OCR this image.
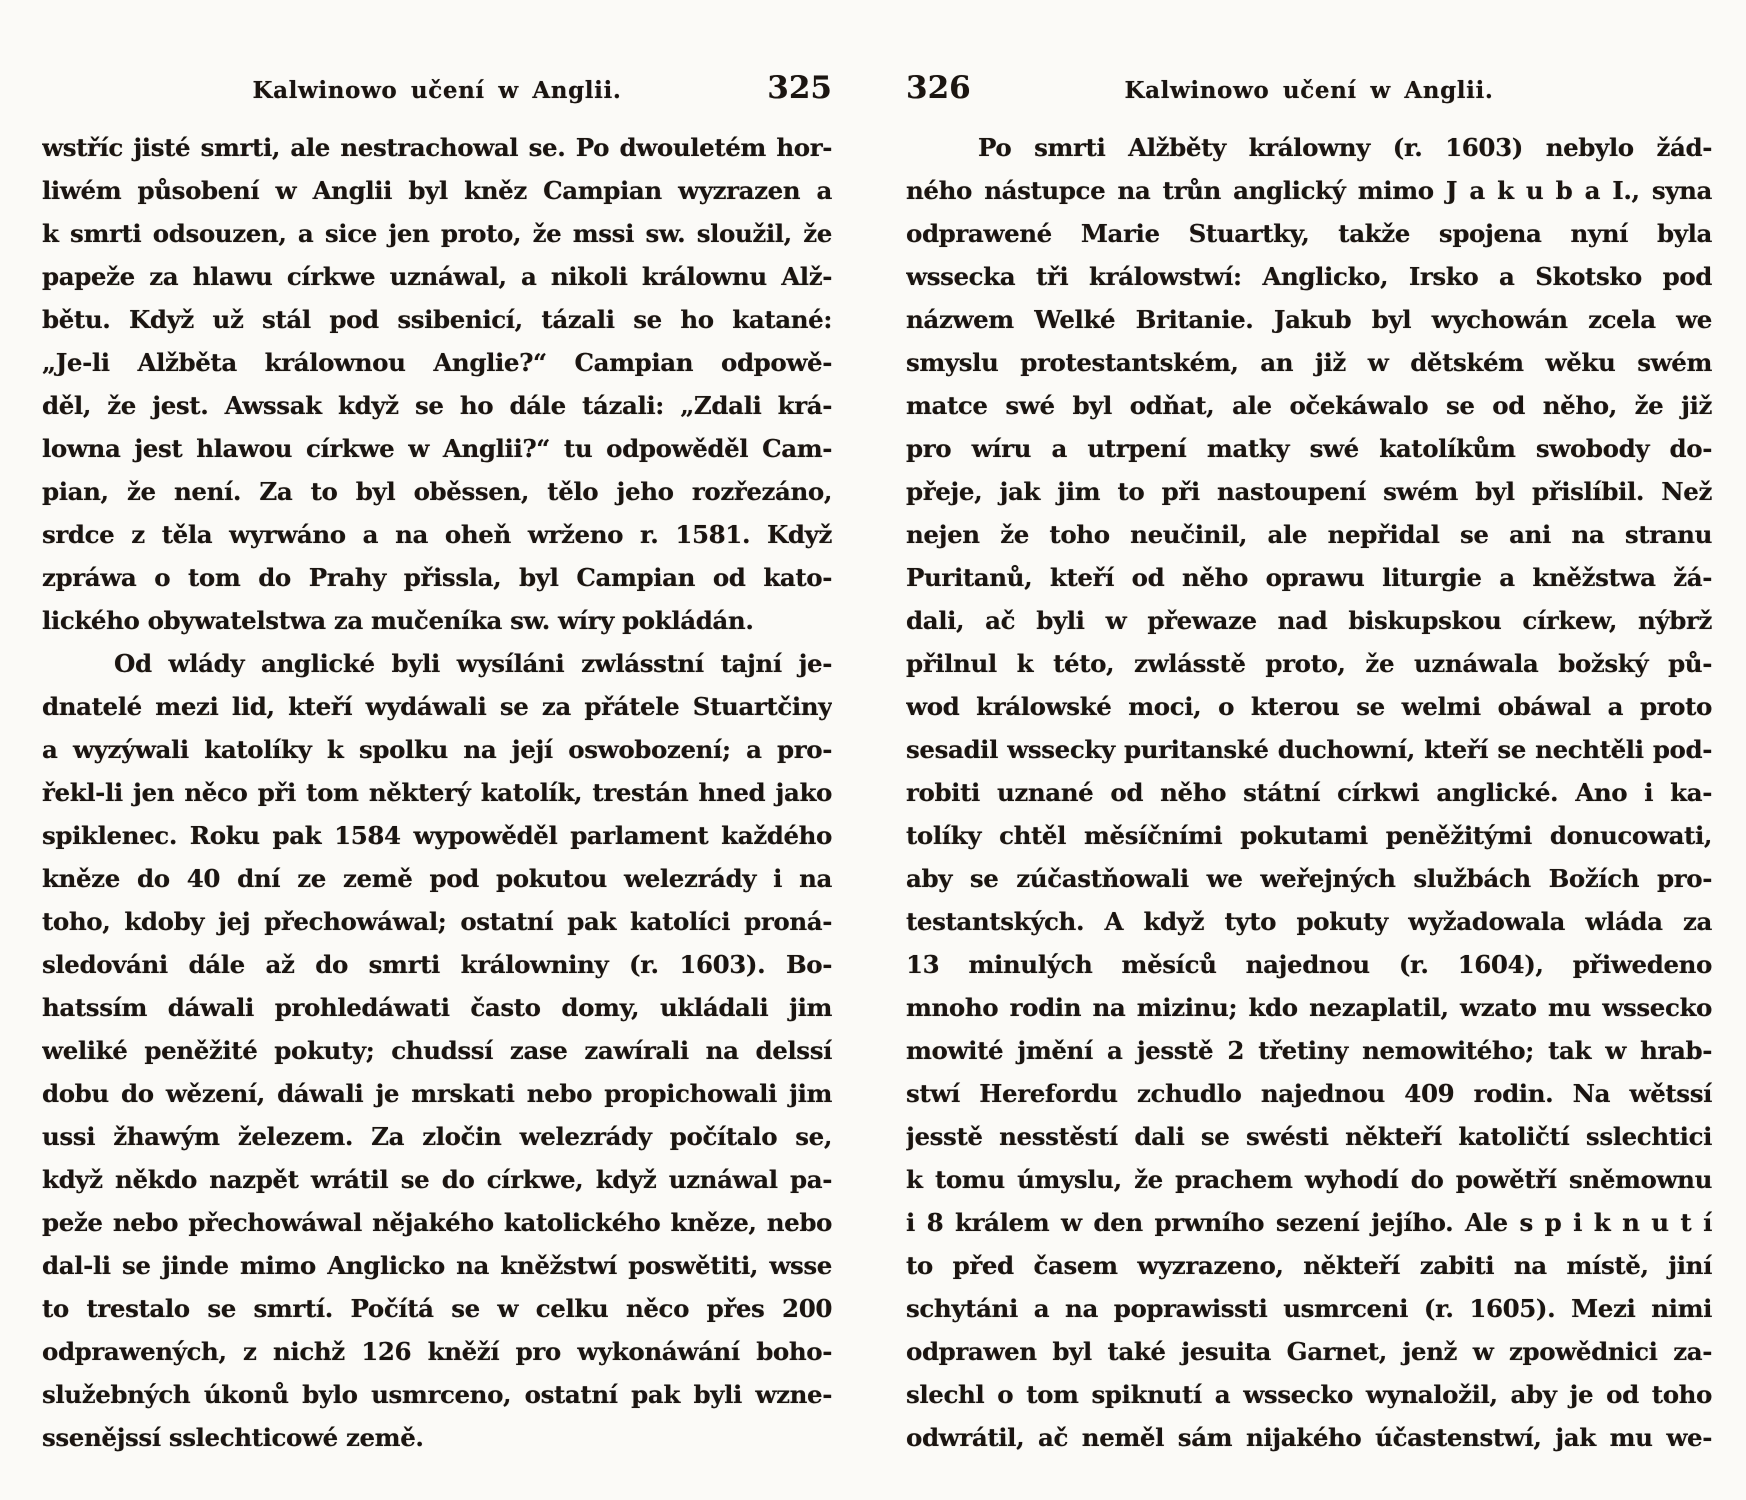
Kalwinowo učení w Anglii.	325
wstříc jisté smrti, ale nestrachowal se. Po dwouletém hor-
liwém působení w Anglii byl kněz Campian wyzrazen a
k smrti odsouzen, a sice jen proto, že mssi sw. sloužil, že
papeže za hlawu církwe uznáwal, a nikoli králownu Alž-
bětu. Když už stál pod ssibenicí, tázali se ho katané:
„Je-li Alžběta králownou Anglie?“ Campian odpowě-
děl, že jest. Awssak když se ho dále tázali: „Zdali krá-
lowna jest hlawou církwe w Anglii?“ tu odpowěděl Cam-
pian, že není. Za to byl oběssen, tělo jeho rozřezáno,
srdce z těla wyrwáno a na oheň wrženo r. 1581. Když
zpráwa o tom do Prahy přissla, byl Campian od kato-
lického obywatelstwa za mučeníka sw. wíry pokládán.
Od wlády anglické byli wysíláni zwlásstní tajní je-
dnatelé mezi lid, kteří wydáwali se za přátele Stuartčiny
a wyzýwali katolíky k spolku na její oswobození; a pro-
řekl-li jen něco při tom některý katolík, trestán hned jako
spiklenec. Roku pak 1584 wypowěděl parlament každého
kněze do 40 dní ze země pod pokutou welezrády i na
toho, kdoby jej přechowáwal; ostatní pak katolíci proná-
sledováni dále až do smrti králowniny (r. 1603). Bo-
hatssím dáwali prohledáwati často domy, ukládali jim
weliké peněžité pokuty; chudssí zase zawírali na delssí
dobu do wězení, dáwali je mrskati nebo propichowali jim
ussi žhawým železem. Za zločin welezrády počítalo se,
když někdo nazpět wrátil se do církwe, když uznáwal pa-
peže nebo přechowáwal nějakého katolického kněze, nebo
dal-li se jinde mimo Anglicko na kněžstwí poswětiti, wsse
to trestalo se smrtí. Počítá se w celku něco přes 200
odprawených, z nichž 126 kněží pro wykonáwání boho-
služebných úkonů bylo usmrceno, ostatní pak byli wzne-
ssenějssí sslechticowé země.
326	Kalwinowo učení w Anglii.
Po smrti Alžběty králowny (r. 1603) nebylo žád-
ného nástupce na trůn anglický mimo J a k u b a I., syna
odprawené Marie Stuartky, takže spojena nyní byla
wssecka tři králowstwí: Anglicko, Irsko a Skotsko pod
názwem Welké Britanie. Jakub byl wychowán zcela we
smyslu protestantském, an již w dětském wěku swém
matce swé byl odňat, ale očekáwalo se od něho, že již
pro wíru a utrpení matky swé katolíkům swobody do-
přeje, jak jim to při nastoupení swém byl přislíbil. Než
nejen že toho neučinil, ale nepřidal se ani na stranu
Puritanů, kteří od něho oprawu liturgie a kněžstwa žá-
dali, ač byli w přewaze nad biskupskou církew, nýbrž
přilnul k této, zwlásstě proto, že uznáwala božský pů-
wod králowské moci, o kterou se welmi obáwal a proto
sesadil wssecky puritanské duchowní, kteří se nechtěli pod-
robiti uznané od něho státní církwi anglické. Ano i ka-
tolíky chtěl měsíčními pokutami peněžitými donucowati,
aby se zúčastňowali we weřejných službách Božích pro-
testantských. A když tyto pokuty wyžadowala wláda za
13 minulých měsíců najednou (r. 1604), přiwedeno
mnoho rodin na mizinu; kdo nezaplatil, wzato mu wssecko
mowité jmění a jesstě 2 třetiny nemowitého; tak w hrab-
stwí Herefordu zchudlo najednou 409 rodin. Na wětssí
jesstě nesstěstí dali se swésti někteří katoličtí sslechtici
k tomu úmyslu, že prachem wyhodí do powětří sněmownu
i 8 králem w den prwního sezení jejího. Ale s p i k n u t í
to před časem wyzrazeno, někteří zabiti na místě, jiní
schytáni a na poprawissti usmrceni (r. 1605). Mezi nimi
odprawen byl také jesuita Garnet, jenž w zpowědnici za-
slechl o tom spiknutí a wssecko wynaložil, aby je od toho
odwrátil, ač neměl sám nijakého účastenstwí, jak mu we-
